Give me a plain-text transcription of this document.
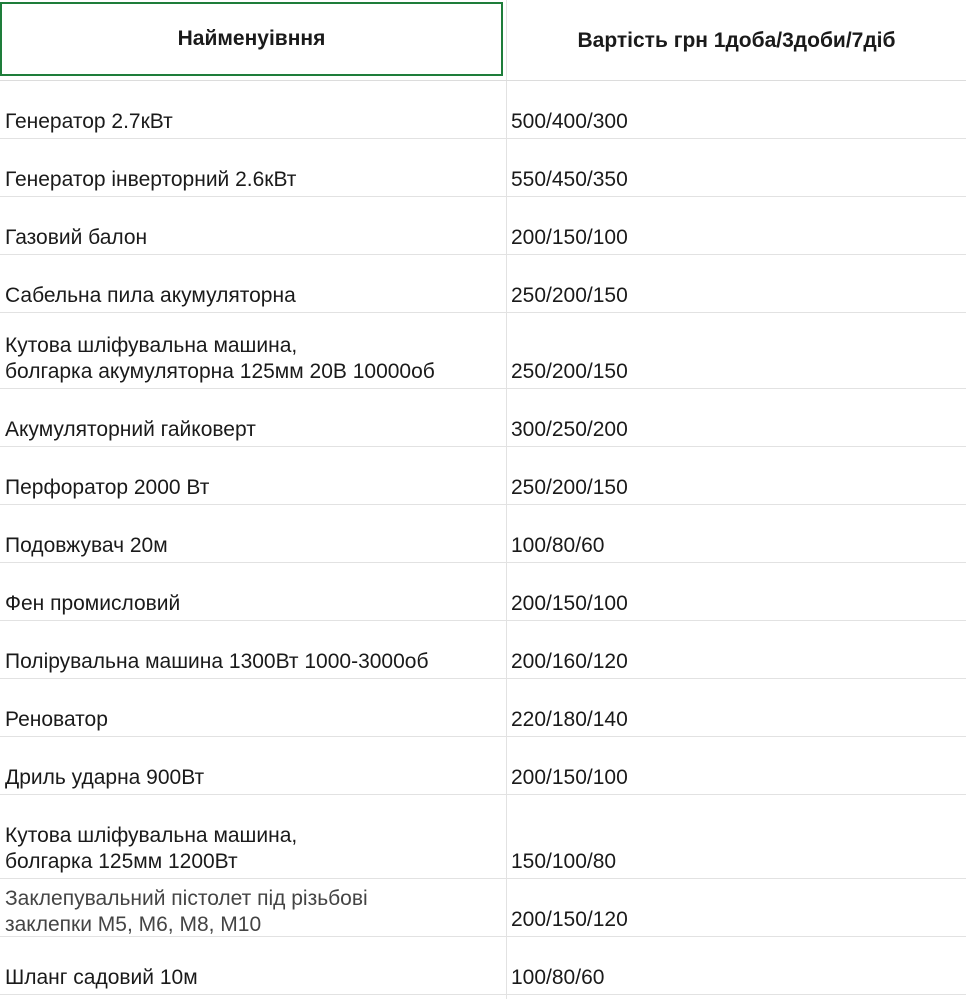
Найменуівння	Вартість грн 1доба/3доби/7діб
Генератор 2.7кВт	500/400/300
Генератор інверторний 2.6кВт	550/450/350
Газовий балон	200/150/100
Сабельна пила акумуляторна	250/200/150
Кутова шліфувальна машина,
болгарка акумуляторна 125мм 20В 10000об	250/200/150
Акумуляторний гайковерт	300/250/200
Перфоратор 2000 Вт	250/200/150
Подовжувач 20м	100/80/60
Фен промисловий	200/150/100
Полірувальна машина 1300Вт 1000-3000об	200/160/120
Реноватор	220/180/140
Дриль ударна 900Вт	200/150/100
Кутова шліфувальна машина,
болгарка 125мм 1200Вт	150/100/80
Заклепувальний пістолет під різьбові
заклепки М5, М6, М8, М10	200/150/120
Шланг садовий 10м	100/80/60
